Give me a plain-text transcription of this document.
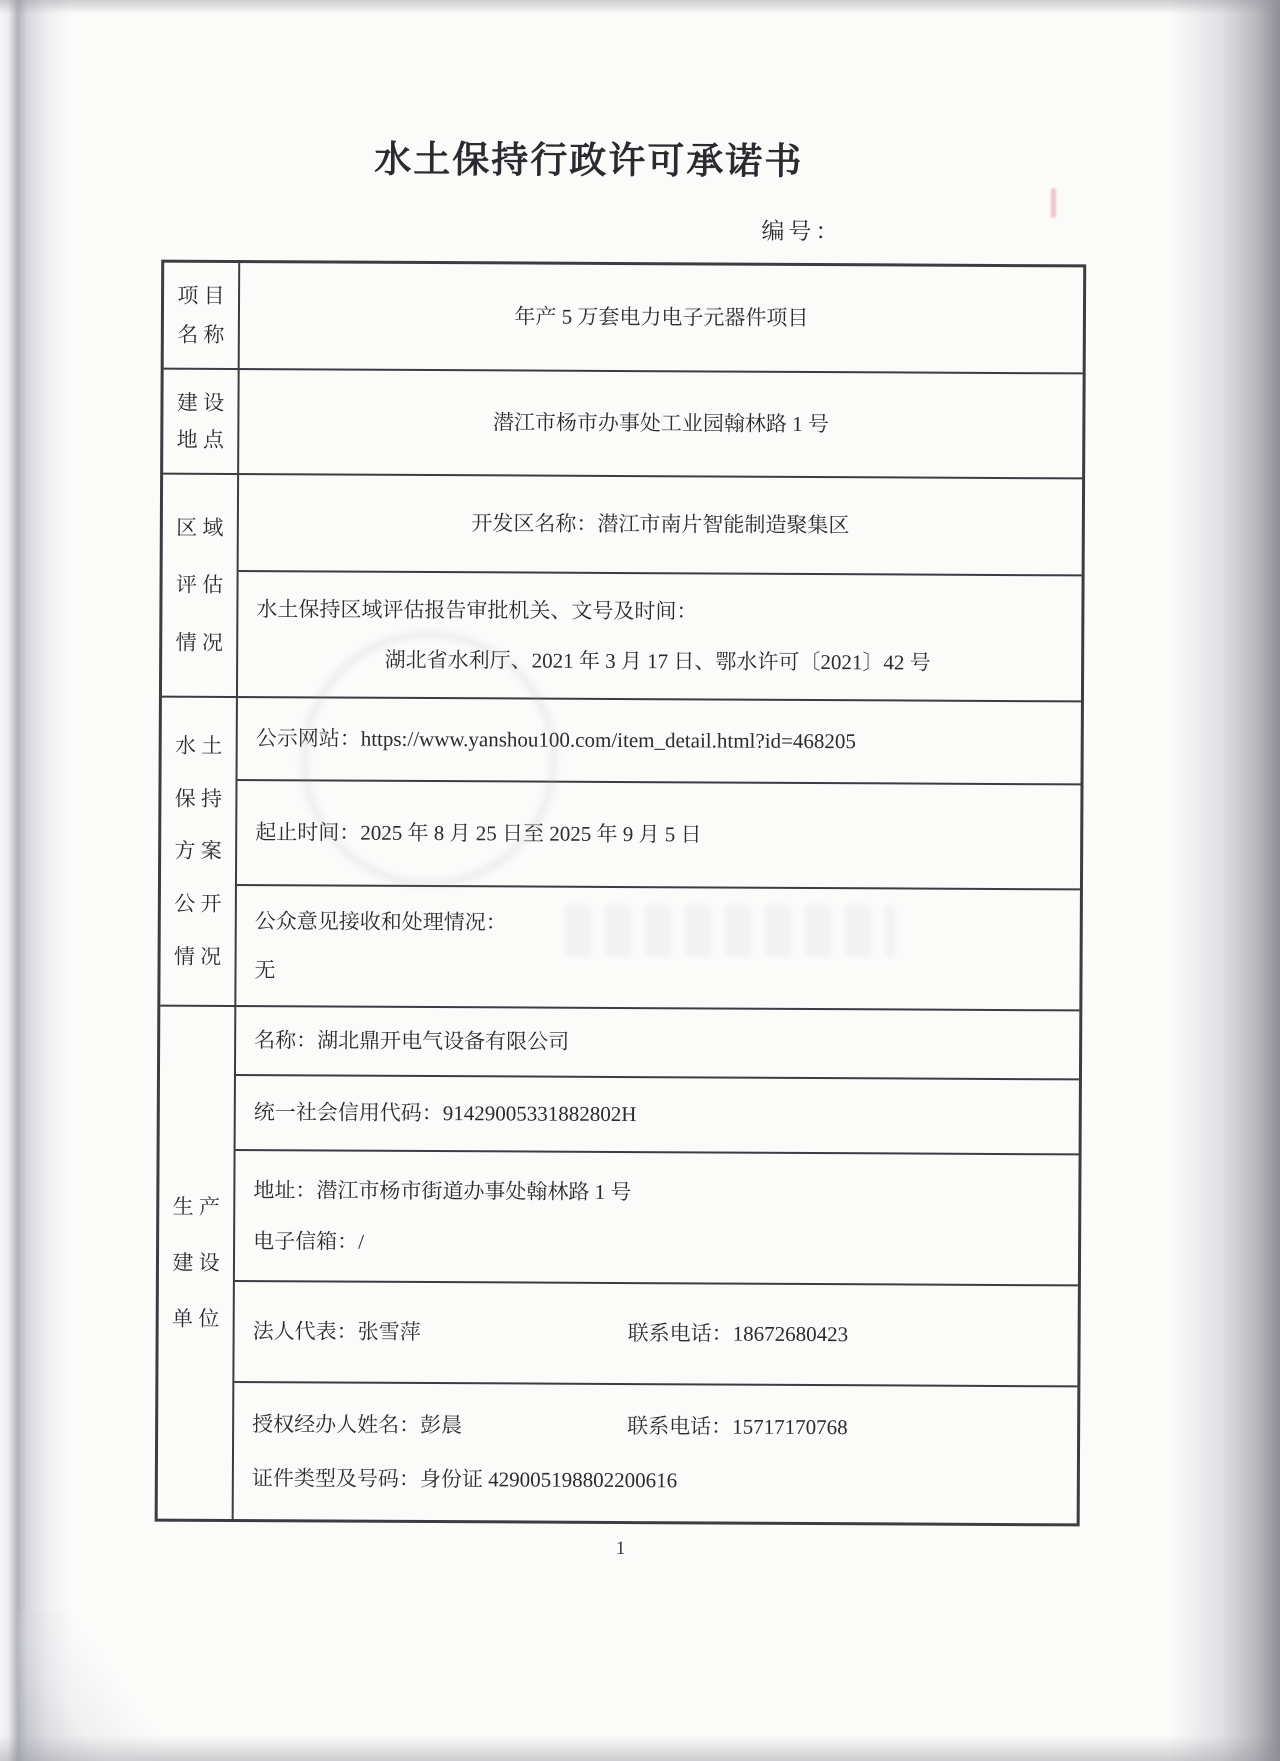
水土保持行政许可承诺书
编号：
项 目
名 称
年产 5 万套电力电子元器件项目
建 设
地 点
潜江市杨市办事处工业园翰林路 1 号
区 域
评 估
情 况
开发区名称：潜江市南片智能制造聚集区
水土保持区域评估报告审批机关、文号及时间：
湖北省水利厅、2021 年 3 月 17 日、鄂水许可〔2021〕42 号
水 土
保 持
方 案
公 开
情 况
公示网站：https://www.yanshou100.com/item_detail.html?id=468205
起止时间：2025 年 8 月 25 日至 2025 年 9 月 5 日
公众意见接收和处理情况：
无
生 产
建 设
单 位
名称：湖北鼎开电气设备有限公司
统一社会信用代码：91429005331882802H
地址：潜江市杨市街道办事处翰林路 1 号
电子信箱：/
法人代表：张雪萍	联系电话：18672680423
授权经办人姓名：彭晨	联系电话：15717170768
证件类型及号码：身份证 429005198802200616
1
